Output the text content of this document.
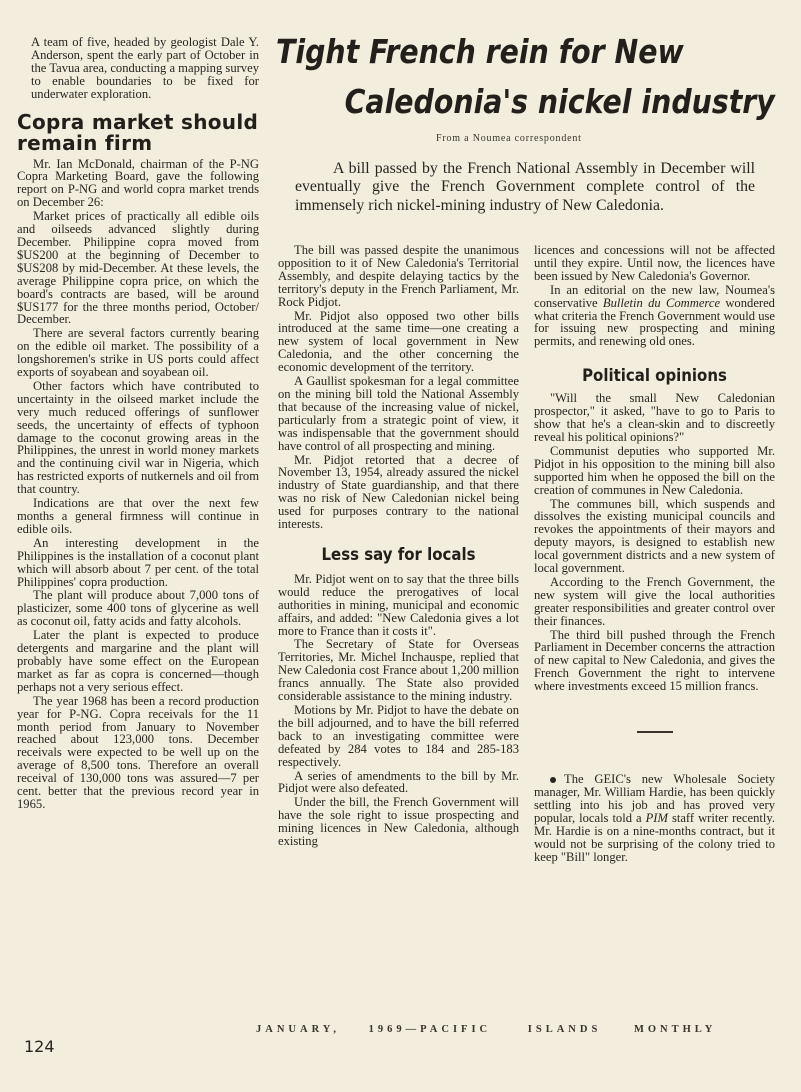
A team of five, headed by geologist Dale Y. Anderson, spent the early part of October in the Tavua area, conducting a mapping survey to enable boundaries to be fixed for underwater exploration.

Copra market should remain firm

Mr. Ian McDonald, chairman of the P-NG Copra Marketing Board, gave the following report on P-NG and world copra market trends on December 26:

Market prices of practically all edible oils and oilseeds advanced slightly during December. Philippine copra moved from $US200 at the beginning of December to $US208 by mid-December. At these levels, the average Philippine copra price, on which the board's contracts are based, will be around $US177 for the three months period, October/ December.

There are several factors currently bearing on the edible oil market. The possibility of a longshoremen's strike in US ports could affect exports of soyabean and soyabean oil.

Other factors which have contributed to uncertainty in the oilseed market include the very much reduced offerings of sunflower seeds, the uncertainty of effects of typhoon damage to the coconut growing areas in the Philippines, the unrest in world money markets and the continuing civil war in Nigeria, which has restricted exports of nutkernels and oil from that country.

Indications are that over the next few months a general firmness will continue in edible oils.

An interesting development in the Philippines is the installation of a coconut plant which will absorb about 7 per cent. of the total Philippines' copra production.

The plant will produce about 7,000 tons of plasticizer, some 400 tons of glycerine as well as coconut oil, fatty acids and fatty alcohols.

Later the plant is expected to produce detergents and margarine and the plant will probably have some effect on the European market as far as copra is concerned—though perhaps not a very serious effect.

The year 1968 has been a record production year for P-NG. Copra receivals for the 11 month period from January to November reached about 123,000 tons. December receivals were expected to be well up on the average of 8,500 tons. Therefore an overall receival of 130,000 tons was assured—7 per cent. better that the previous record year in 1965.

Tight French rein for New
Caledonia's nickel industry
From a Noumea correspondent

A bill passed by the French National Assembly in December will eventually give the French Government complete control of the immensely rich nickel-mining industry of New Caledonia.

The bill was passed despite the unanimous opposition to it of New Caledonia's Territorial Assembly, and despite delaying tactics by the territory's deputy in the French Parliament, Mr. Rock Pidjot.

Mr. Pidjot also opposed two other bills introduced at the same time—one creating a new system of local government in New Caledonia, and the other concerning the economic development of the territory.

A Gaullist spokesman for a legal committee on the mining bill told the National Assembly that because of the increasing value of nickel, particularly from a strategic point of view, it was indispensable that the government should have control of all prospecting and mining.

Mr. Pidjot retorted that a decree of November 13, 1954, already assured the nickel industry of State guardianship, and that there was no risk of New Caledonian nickel being used for purposes contrary to the national interests.

Less say for locals

Mr. Pidjot went on to say that the three bills would reduce the prerogatives of local authorities in mining, municipal and economic affairs, and added: "New Caledonia gives a lot more to France than it costs it".

The Secretary of State for Overseas Territories, Mr. Michel Inchauspe, replied that New Caledonia cost France about 1,200 million francs annually. The State also provided considerable assistance to the mining industry.

Motions by Mr. Pidjot to have the debate on the bill adjourned, and to have the bill referred back to an investigating committee were defeated by 284 votes to 184 and 285-183 respectively.

A series of amendments to the bill by Mr. Pidjot were also defeated.

Under the bill, the French Government will have the sole right to issue prospecting and mining licences in New Caledonia, although existing

licences and concessions will not be affected until they expire. Until now, the licences have been issued by New Caledonia's Governor.

In an editorial on the new law, Noumea's conservative Bulletin du Commerce wondered what criteria the French Government would use for issuing new prospecting and mining permits, and renewing old ones.

Political opinions

"Will the small New Caledonian prospector," it asked, "have to go to Paris to show that he's a clean-skin and to discreetly reveal his political opinions?"

Communist deputies who supported Mr. Pidjot in his opposition to the mining bill also supported him when he opposed the bill on the creation of communes in New Caledonia.

The communes bill, which suspends and dissolves the existing municipal councils and revokes the appointments of their mayors and deputy mayors, is designed to establish new local government districts and a new system of local government.

According to the French Government, the new system will give the local authorities greater responsibilities and greater control over their finances.

The third bill pushed through the French Parliament in December concerns the attraction of new capital to New Caledonia, and gives the French Government the right to intervene where investments exceed 15 million francs.

The GEIC's new Wholesale Society manager, Mr. William Hardie, has been quickly settling into his job and has proved very popular, locals told a PIM staff writer recently. Mr. Hardie is on a nine-months contract, but it would not be surprising of the colony tried to keep "Bill" longer.

JANUARY,	1969—PACIFIC	ISLANDS	MONTHLY
124
